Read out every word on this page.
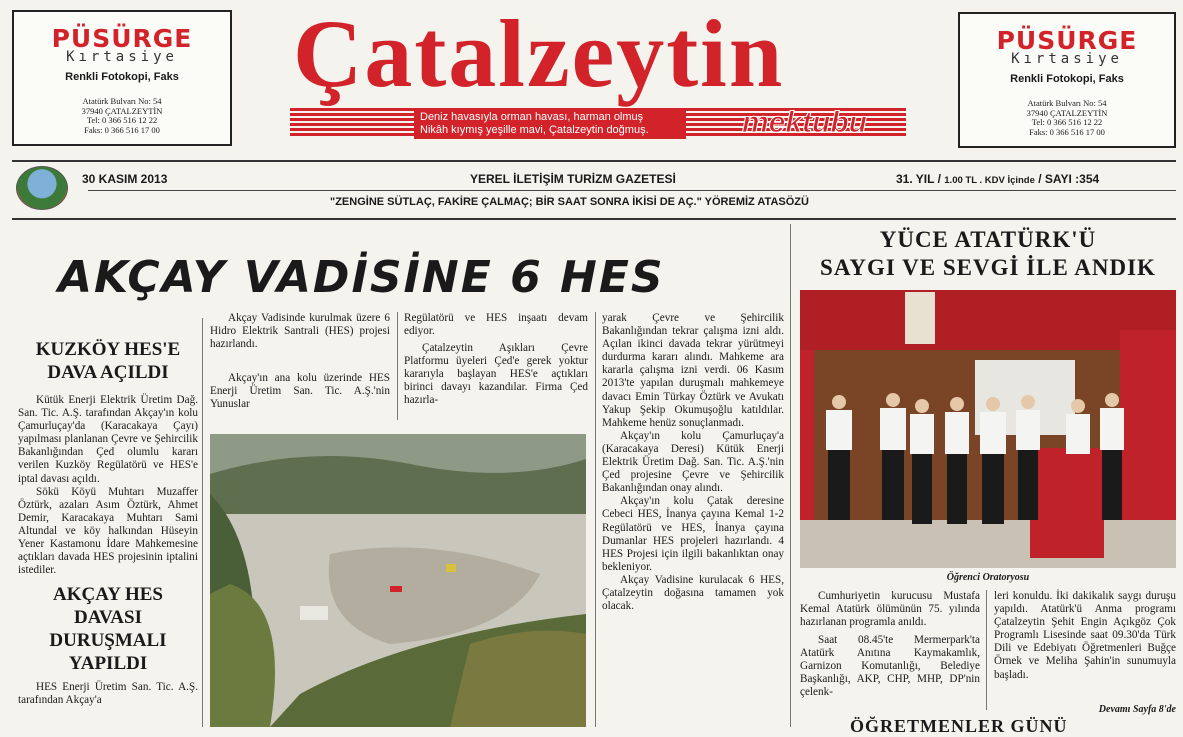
PÜSÜRGE
Kırtasiye
Renkli Fotokopi, Faks
Atatürk Bulvarı No: 54
37940 ÇATALZEYTİN
Tel: 0 366 516 12 22
Faks: 0 366 516 17 00
PÜSÜRGE
Kırtasiye
Renkli Fotokopi, Faks
Atatürk Bulvarı No: 54
37940 ÇATALZEYTİN
Tel: 0 366 516 12 22
Faks: 0 366 516 17 00
Çatalzeytin
Deniz havasıyla orman havası, harman olmuş
Nikâh kıymış yeşille mavi, Çatalzeytin doğmuş.	mektubu
30 KASIM 2013	YEREL İLETİŞİM TURİZM GAZETESİ	31. YIL / 1.00 TL . KDV İçinde / SAYI :354
"ZENGİNE SÜTLAÇ, FAKİRE ÇALMAÇ; BİR SAAT SONRA İKİSİ DE AÇ." YÖREMİZ ATASÖZÜ
AKÇAY VADİSİNE 6 HES
KUZKÖY HES'E DAVA AÇILDI
Kütük Enerji Elektrik Üretim Dağ. San. Tic. A.Ş. tarafından Akçay'ın kolu Çamurluçay'da (Karacakaya Çayı) yapılması planlanan Çevre ve Şehircilik Bakanlığından Çed olumlu kararı verilen Kuzköy Regülatörü ve HES'e iptal davası açıldı.
Sökü Köyü Muhtarı Muzaffer Öztürk, azaları Asım Öztürk, Ahmet Demir, Karacakaya Muhtarı Sami Altundal ve köy halkından Hüseyin Yener Kastamonu İdare Mahkemesine açtıkları davada HES projesinin iptalini istediler.
AKÇAY HES DAVASI DURUŞMALI YAPILDI
HES Enerji Üretim San. Tic. A.Ş. tarafından Akçay'a
Akçay Vadisinde kurulmak üzere 6 Hidro Elektrik Santrali (HES) projesi hazırlandı.
Akçay'ın ana kolu üzerinde HES Enerji Üretim San. Tic. A.Ş.'nin Yunuslar
Regülatörü ve HES inşaatı devam ediyor.
Çatalzeytin Aşıkları Çevre Platformu üyeleri Çed'e gerek yoktur kararıyla başlayan HES'e açtıkları birinci davayı kazandılar. Firma Çed hazırla-
yarak Çevre ve Şehircilik Bakanlığından tekrar çalışma izni aldı. Açılan ikinci davada tekrar yürütmeyi durdurma kararı alındı. Mahkeme ara kararla çalışma izni verdi. 06 Kasım 2013'te yapılan duruşmalı mahkemeye davacı Emin Türkay Öztürk ve Avukatı Yakup Şekip Okumuşoğlu katıldılar. Mahkeme henüz sonuçlanmadı.
Akçay'ın kolu Çamurluçay'a (Karacakaya Deresi) Kütük Enerji Elektrik Üretim Dağ. San. Tic. A.Ş.'nin Çed projesine Çevre ve Şehircilik Bakanlığından onay alındı.
Akçay'ın kolu Çatak deresine Cebeci HES, İnanya çayına Kemal 1-2 Regülatörü ve HES, İnanya çayına Dumanlar HES projeleri hazırlandı. 4 HES Projesi için ilgili bakanlıktan onay bekleniyor.
Akçay Vadisine kurulacak 6 HES, Çatalzeytin doğasına tamamen yok olacak.
YÜCE ATATÜRK'Ü
SAYGI VE SEVGİ İLE ANDIK
Öğrenci Oratoryosu
Cumhuriyetin kurucusu Mustafa Kemal Atatürk ölümünün 75. yılında hazırlanan programla anıldı.
Saat 08.45'te Mermerpark'ta Atatürk Anıtına Kaymakamlık, Garnizon Komutanlığı, Belediye Başkanlığı, AKP, CHP, MHP, DP'nin çelenk-
leri konuldu. İki dakikalık saygı duruşu yapıldı. Atatürk'ü Anma programı Çatalzeytin Şehit Engin Açıkgöz Çok Programlı Lisesinde saat 09.30'da Türk Dili ve Edebiyatı Öğretmenleri Buğçe Örnek ve Meliha Şahin'in sunumuyla başladı.
Devamı Sayfa 8'de
ÖĞRETMENLER GÜNÜ
